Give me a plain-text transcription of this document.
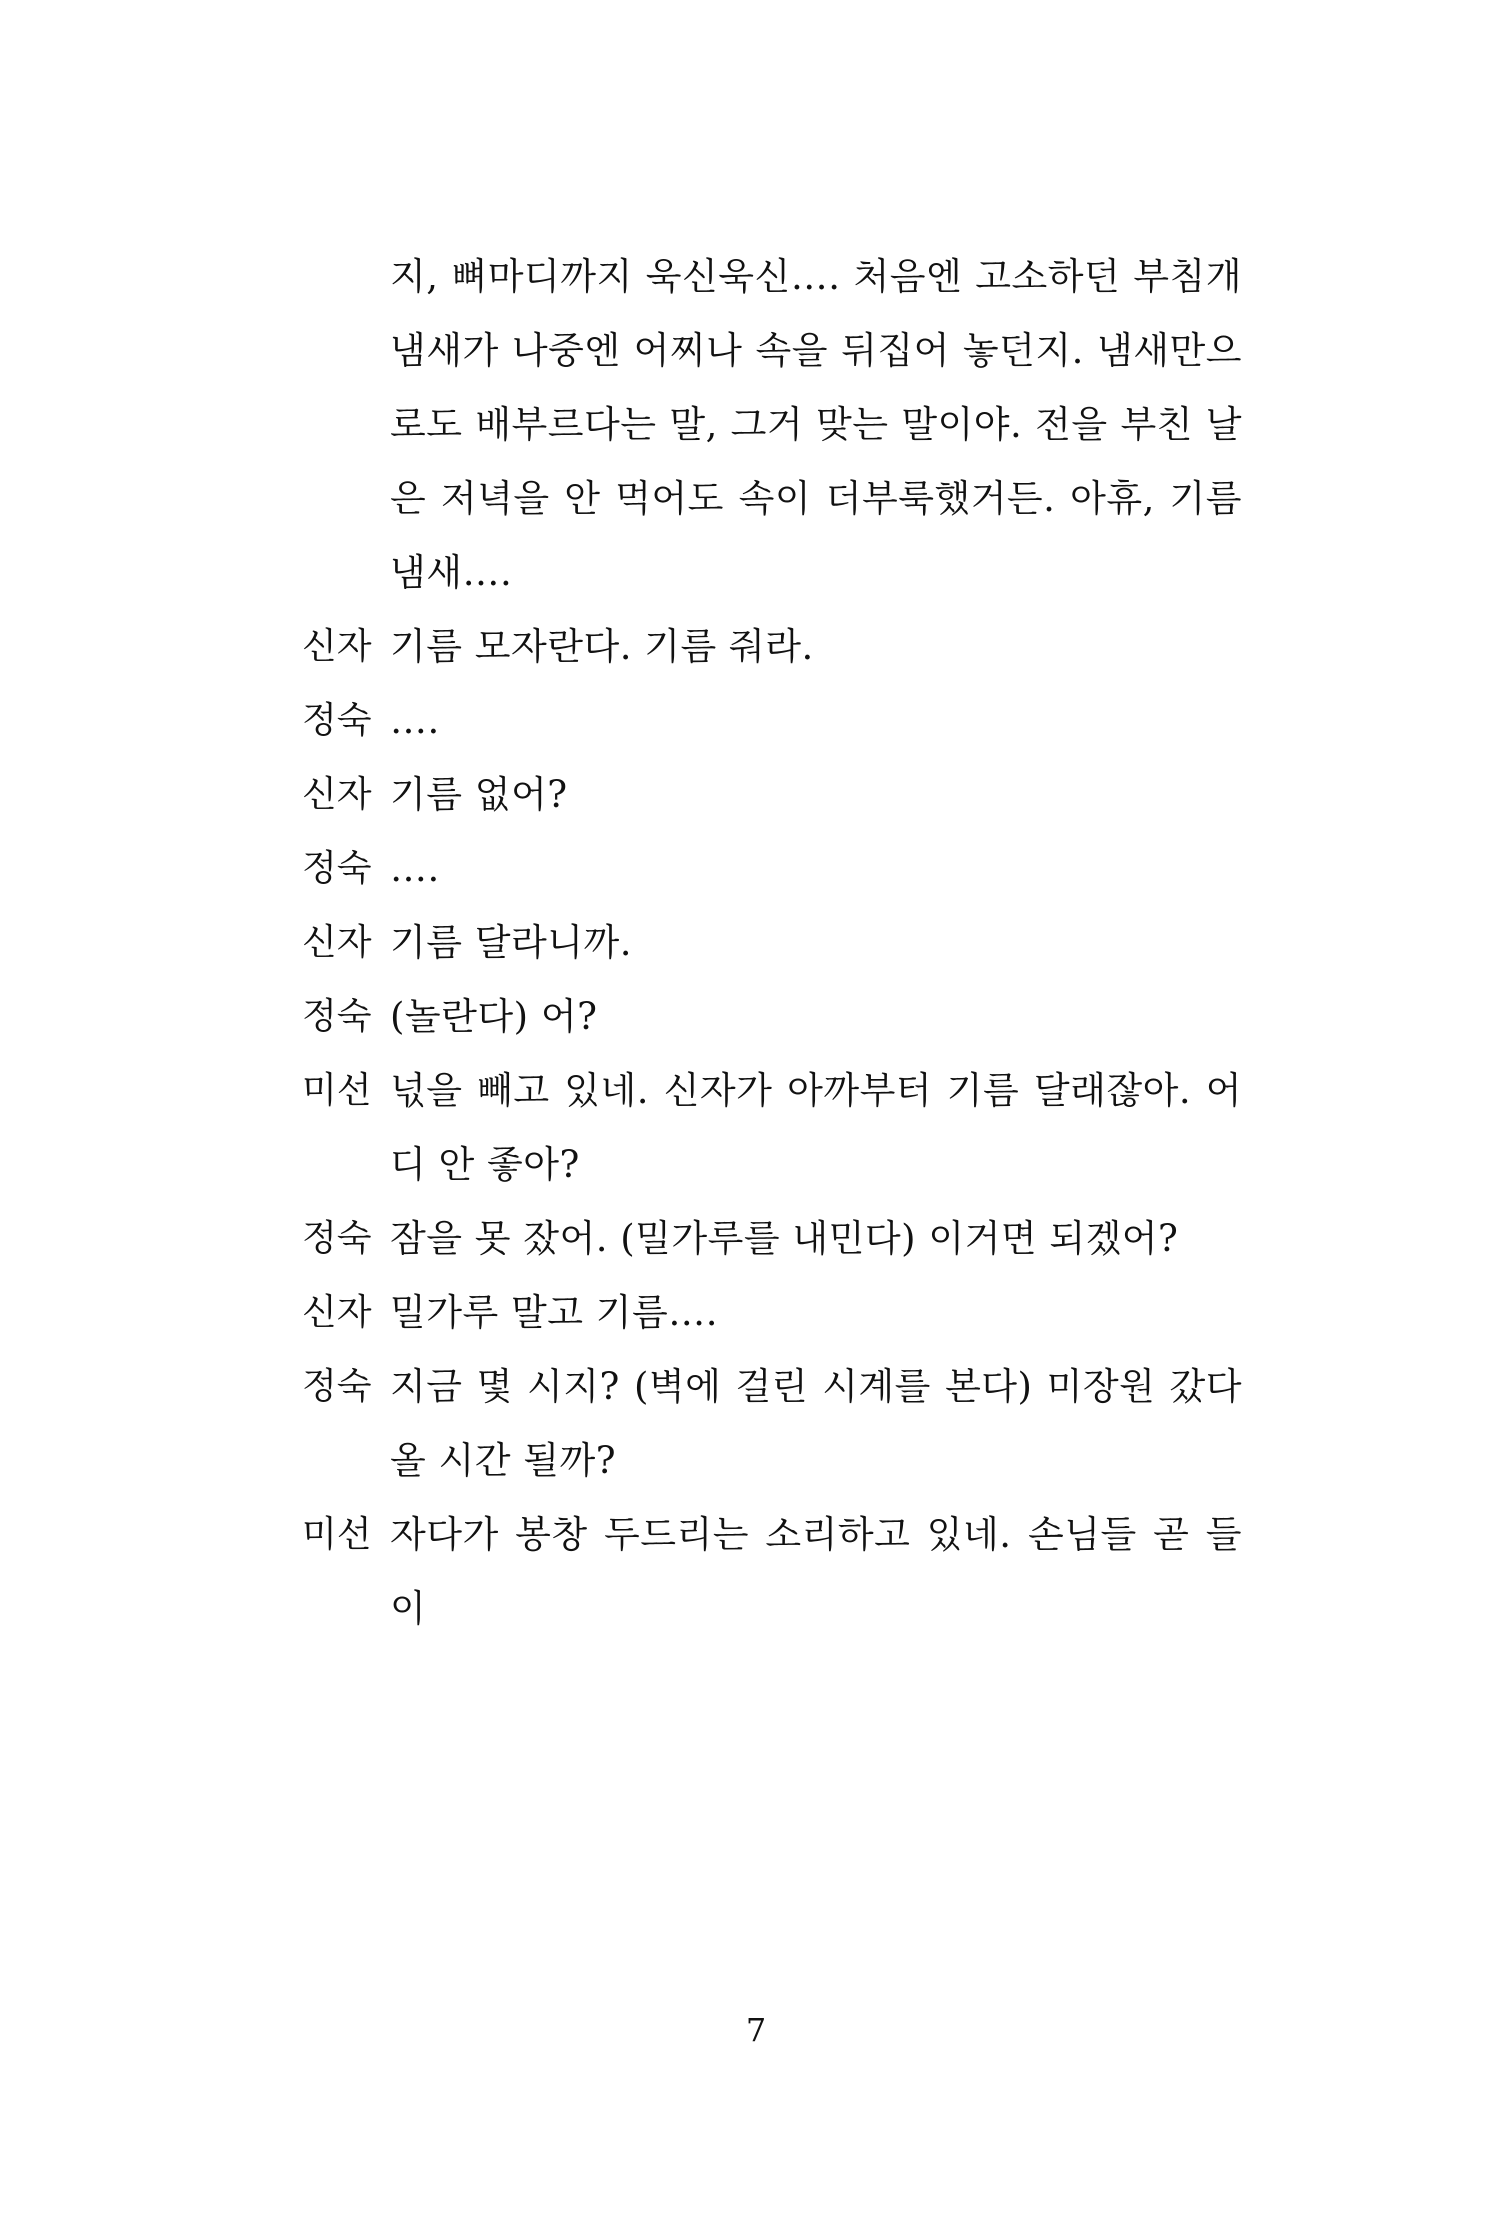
지, 뼈마디까지 욱신욱신…. 처음엔 고소하던 부침개 냄새가 나중엔 어찌나 속을 뒤집어 놓던지. 냄새만으로도 배부르다는 말, 그거 맞는 말이야. 전을 부친 날은 저녁을 안 먹어도 속이 더부룩했거든. 아휴, 기름 냄새….
신자 기름 모자란다. 기름 줘라.
정숙 ….
신자 기름 없어?
정숙 ….
신자 기름 달라니까.
정숙 (놀란다) 어?
미선 넋을 빼고 있네. 신자가 아까부터 기름 달래잖아. 어디 안 좋아?
정숙 잠을 못 잤어. (밀가루를 내민다) 이거면 되겠어?
신자 밀가루 말고 기름….
정숙 지금 몇 시지? (벽에 걸린 시계를 본다) 미장원 갔다 올 시간 될까?
미선 자다가 봉창 두드리는 소리하고 있네. 손님들 곧 들이
7
